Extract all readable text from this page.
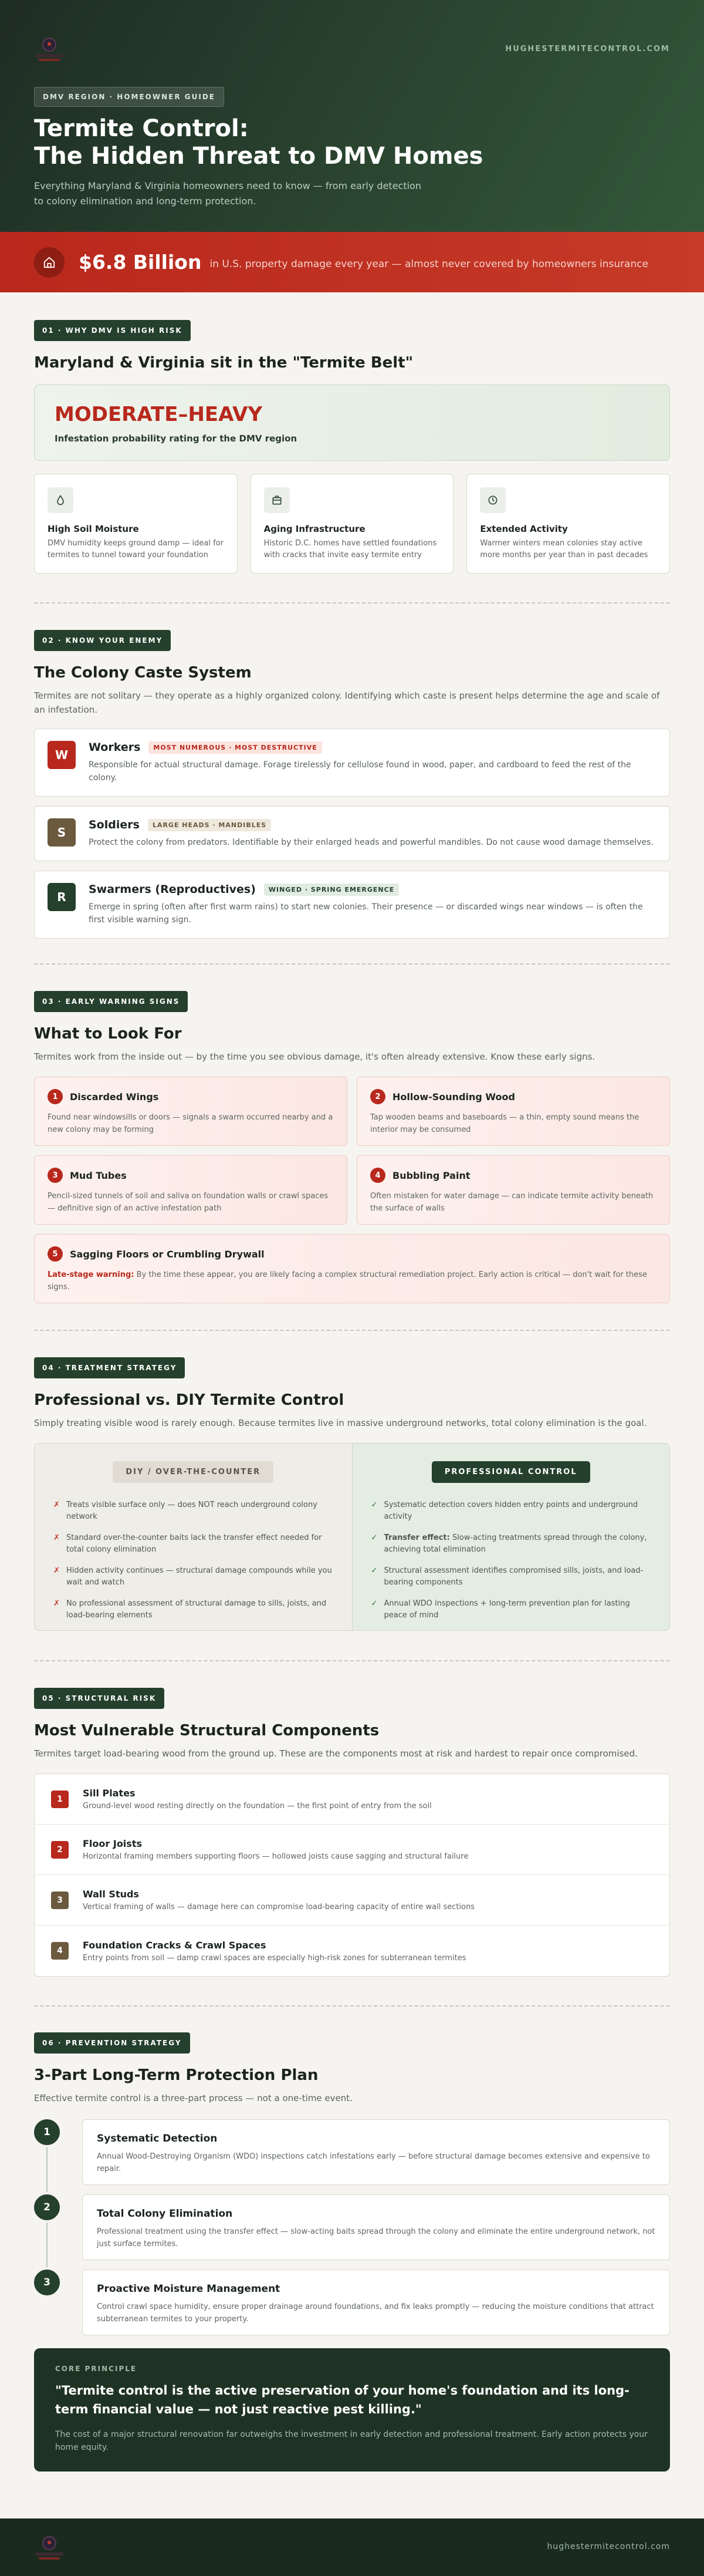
HUGHESTERMITECONTROL.COM
DMV REGION · HOMEOWNER GUIDE
Termite Control:
The Hidden Threat to DMV Homes

Everything Maryland & Virginia homeowners need to know — from early detection to colony elimination and long-term protection.

$6.8 Billion in U.S. property damage every year — almost never covered by homeowners insurance
01 · WHY DMV IS HIGH RISK
Maryland & Virginia sit in the "Termite Belt"
MODERATE–HEAVY
Infestation probability rating for the DMV region
High Soil Moisture

DMV humidity keeps ground damp — ideal for termites to tunnel toward your foundation

Aging Infrastructure

Historic D.C. homes have settled foundations with cracks that invite easy termite entry

Extended Activity

Warmer winters mean colonies stay active more months per year than in past decades

02 · KNOW YOUR ENEMY
The Colony Caste System
Termites are not solitary — they operate as a highly organized colony. Identifying which caste is present helps determine the age and scale of an infestation.
W
Workers	MOST NUMEROUS · MOST DESTRUCTIVE

Responsible for actual structural damage. Forage tirelessly for cellulose found in wood, paper, and cardboard to feed the rest of the colony.

S
Soldiers	LARGE HEADS · MANDIBLES

Protect the colony from predators. Identifiable by their enlarged heads and powerful mandibles. Do not cause wood damage themselves.

R
Swarmers (Reproductives)	WINGED · SPRING EMERGENCE

Emerge in spring (often after first warm rains) to start new colonies. Their presence — or discarded wings near windows — is often the first visible warning sign.

03 · EARLY WARNING SIGNS
What to Look For
Termites work from the inside out — by the time you see obvious damage, it's often already extensive. Know these early signs.
1	Discarded Wings

Found near windowsills or doors — signals a swarm occurred nearby and a new colony may be forming

2	Hollow-Sounding Wood

Tap wooden beams and baseboards — a thin, empty sound means the interior may be consumed

3	Mud Tubes

Pencil-sized tunnels of soil and saliva on foundation walls or crawl spaces — definitive sign of an active infestation path

4	Bubbling Paint

Often mistaken for water damage — can indicate termite activity beneath the surface of walls

5	Sagging Floors or Crumbling Drywall

Late-stage warning: By the time these appear, you are likely facing a complex structural remediation project. Early action is critical — don't wait for these signs.

04 · TREATMENT STRATEGY
Professional vs. DIY Termite Control
Simply treating visible wood is rarely enough. Because termites live in massive underground networks, total colony elimination is the goal.
DIY / OVER-THE-COUNTER
✗ Treats visible surface only — does NOT reach underground colony network
✗ Standard over-the-counter baits lack the transfer effect needed for total colony elimination
✗ Hidden activity continues — structural damage compounds while you wait and watch
✗ No professional assessment of structural damage to sills, joists, and load-bearing elements
PROFESSIONAL CONTROL
✓ Systematic detection covers hidden entry points and underground activity
✓ Transfer effect: Slow-acting treatments spread through the colony, achieving total elimination
✓ Structural assessment identifies compromised sills, joists, and load-bearing components
✓ Annual WDO inspections + long-term prevention plan for lasting peace of mind
05 · STRUCTURAL RISK
Most Vulnerable Structural Components
Termites target load-bearing wood from the ground up. These are the components most at risk and hardest to repair once compromised.
1
Sill Plates

Ground-level wood resting directly on the foundation — the first point of entry from the soil

2
Floor Joists

Horizontal framing members supporting floors — hollowed joists cause sagging and structural failure

3
Wall Studs

Vertical framing of walls — damage here can compromise load-bearing capacity of entire wall sections

4
Foundation Cracks & Crawl Spaces

Entry points from soil — damp crawl spaces are especially high-risk zones for subterranean termites

06 · PREVENTION STRATEGY
3-Part Long-Term Protection Plan
Effective termite control is a three-part process — not a one-time event.
1
Systematic Detection

Annual Wood-Destroying Organism (WDO) inspections catch infestations early — before structural damage becomes extensive and expensive to repair.

2
Total Colony Elimination

Professional treatment using the transfer effect — slow-acting baits spread through the colony and eliminate the entire underground network, not just surface termites.

3
Proactive Moisture Management

Control crawl space humidity, ensure proper drainage around foundations, and fix leaks promptly — reducing the moisture conditions that attract subterranean termites to your property.

CORE PRINCIPLE
"Termite control is the active preservation of your home's foundation and its long-term financial value — not just reactive pest killing."
The cost of a major structural renovation far outweighs the investment in early detection and professional treatment. Early action protects your home equity.
hughestermitecontrol.com
